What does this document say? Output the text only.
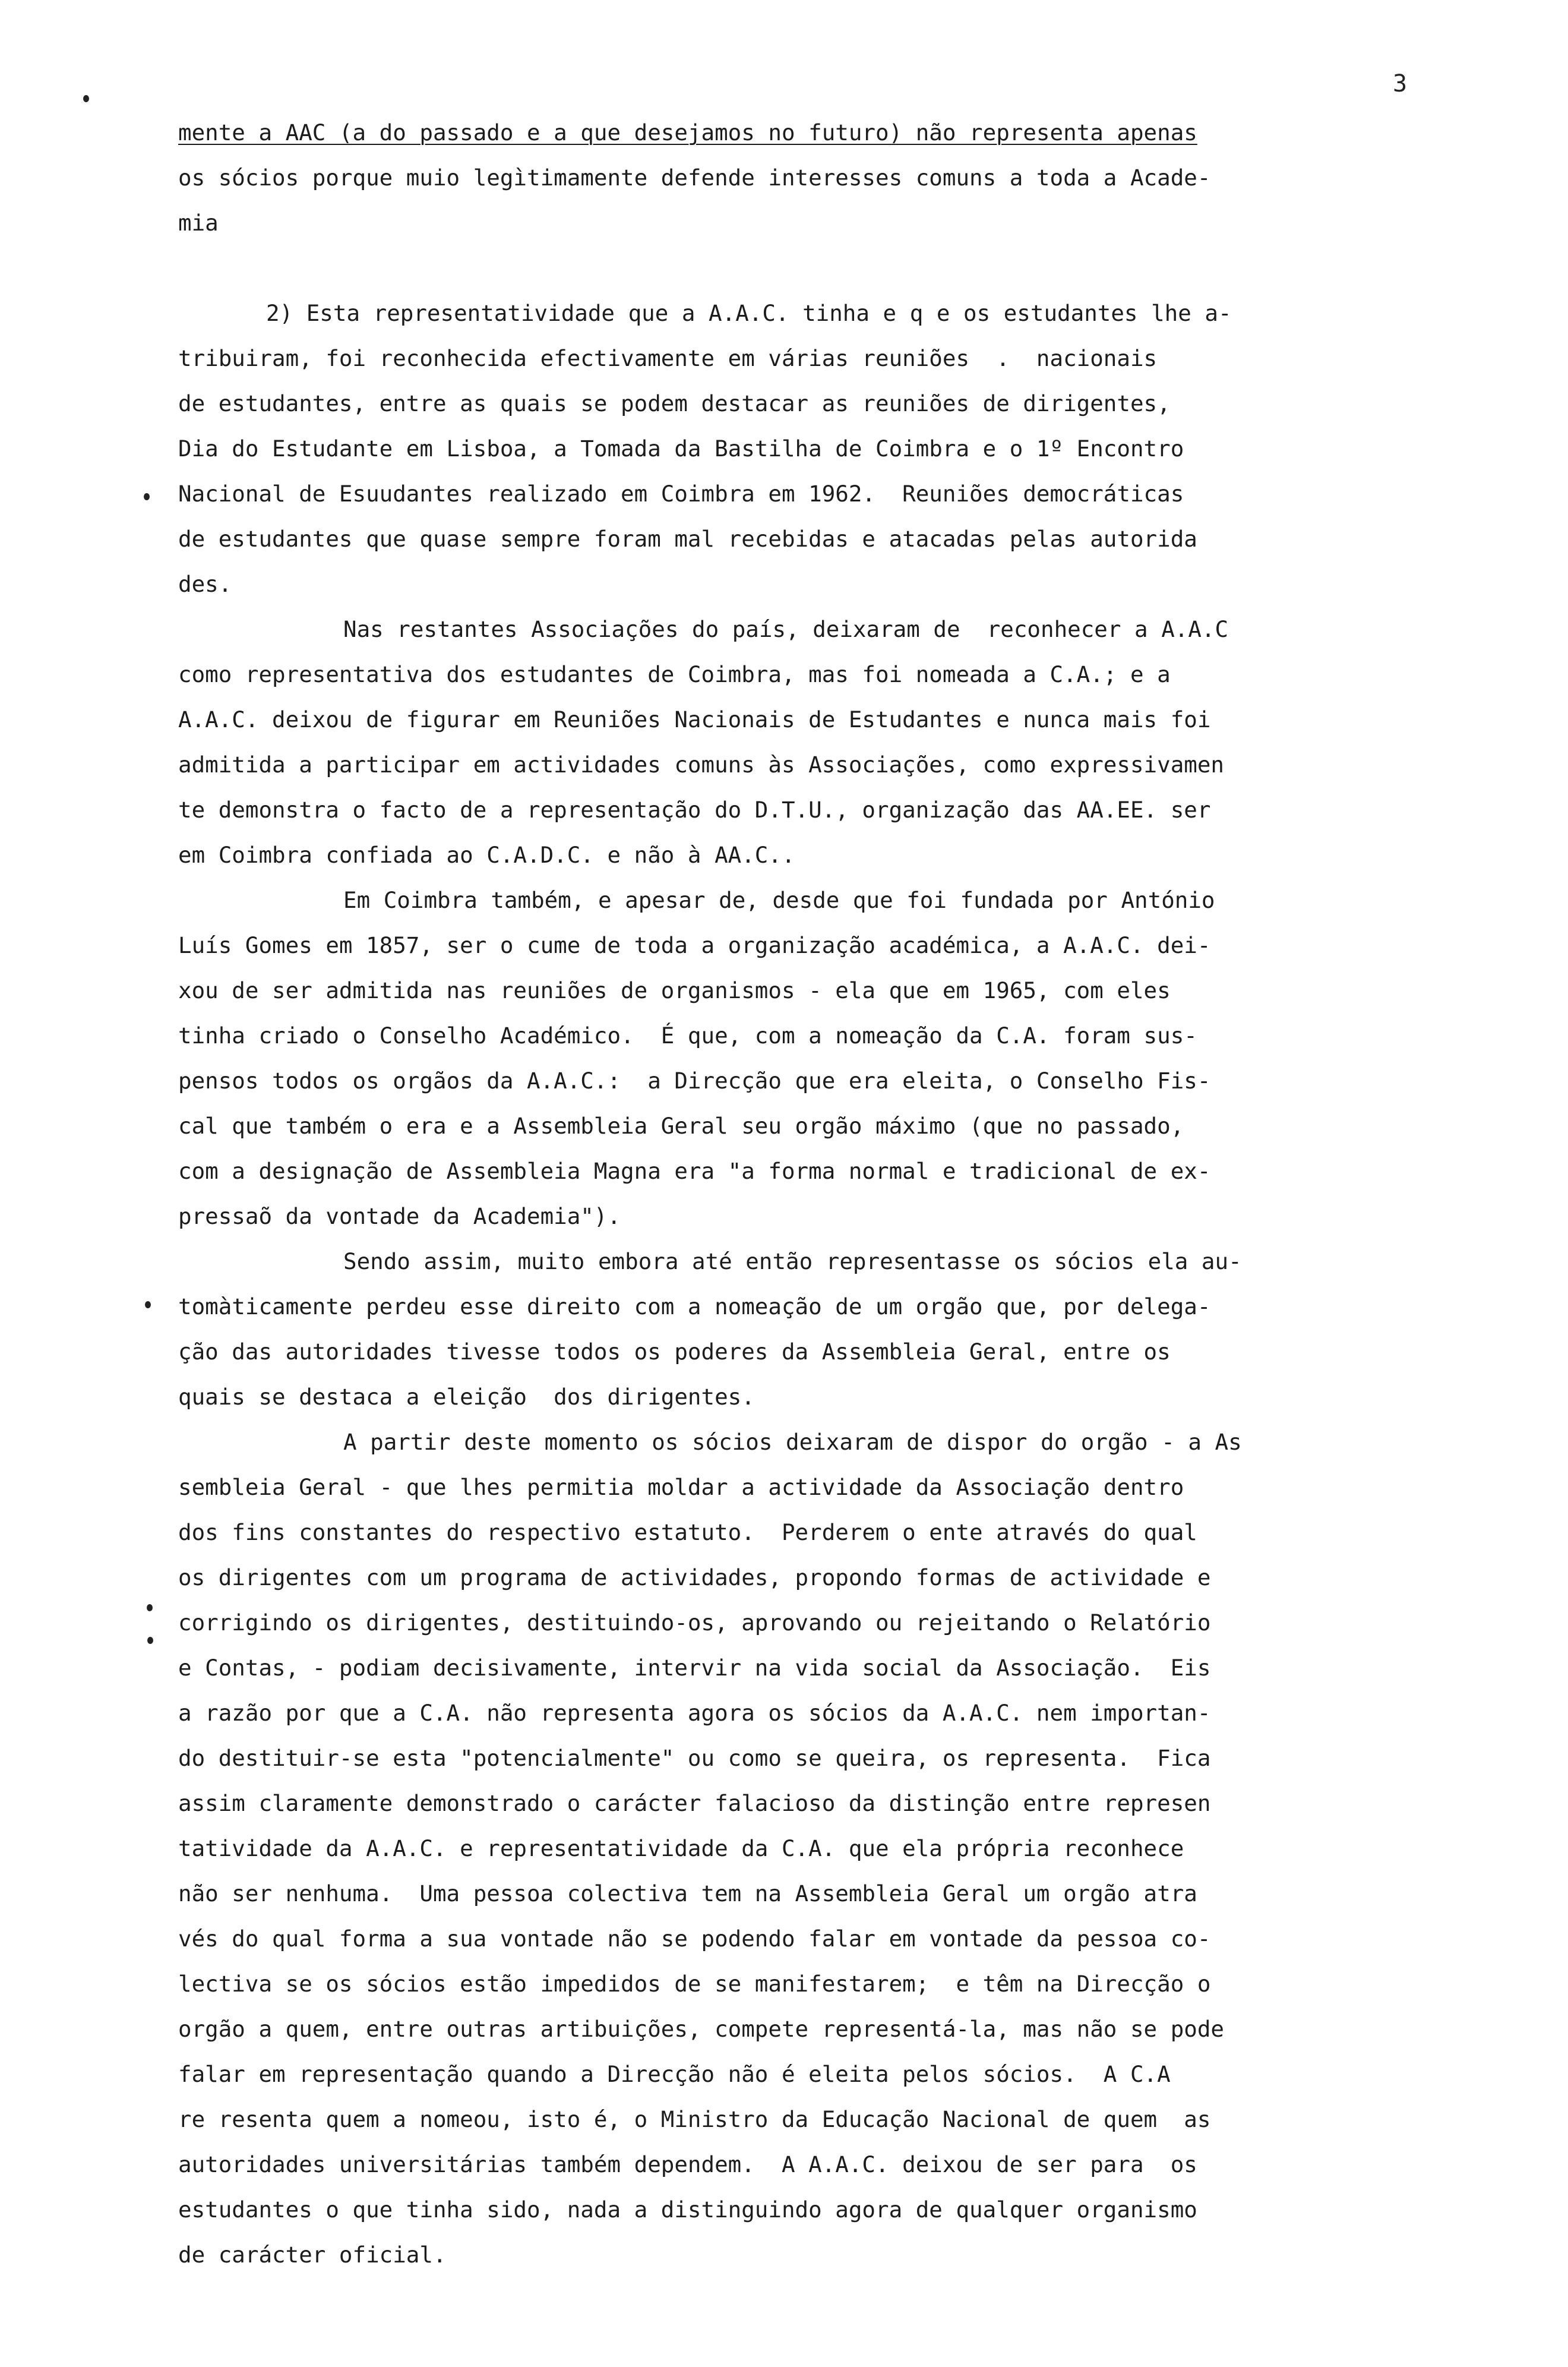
3
mente a AAC (a do passado e a que desejamos no futuro) não representa apenas
os sócios porque muio legìtimamente defende interesses comuns a toda a Acade-
mia
2) Esta representatividade que a A.A.C. tinha e q e os estudantes lhe a-
tribuiram, foi reconhecida efectivamente em várias reuniões  .  nacionais
de estudantes, entre as quais se podem destacar as reuniões de dirigentes,
Dia do Estudante em Lisboa, a Tomada da Bastilha de Coimbra e o 1º Encontro
Nacional de Esuudantes realizado em Coimbra em 1962.  Reuniões democráticas
de estudantes que quase sempre foram mal recebidas e atacadas pelas autorida
des.
Nas restantes Associações do país, deixaram de  reconhecer a A.A.C
como representativa dos estudantes de Coimbra, mas foi nomeada a C.A.; e a
A.A.C. deixou de figurar em Reuniões Nacionais de Estudantes e nunca mais foi
admitida a participar em actividades comuns às Associações, como expressivamen
te demonstra o facto de a representação do D.T.U., organização das AA.EE. ser
em Coimbra confiada ao C.A.D.C. e não à AA.C..
Em Coimbra também, e apesar de, desde que foi fundada por António
Luís Gomes em 1857, ser o cume de toda a organização académica, a A.A.C. dei-
xou de ser admitida nas reuniões de organismos - ela que em 1965, com eles
tinha criado o Conselho Académico.  É que, com a nomeação da C.A. foram sus-
pensos todos os orgãos da A.A.C.:  a Direcção que era eleita, o Conselho Fis-
cal que também o era e a Assembleia Geral seu orgão máximo (que no passado,
com a designação de Assembleia Magna era "a forma normal e tradicional de ex-
pressaõ da vontade da Academia").
Sendo assim, muito embora até então representasse os sócios ela au-
tomàticamente perdeu esse direito com a nomeação de um orgão que, por delega-
ção das autoridades tivesse todos os poderes da Assembleia Geral, entre os
quais se destaca a eleição  dos dirigentes.
A partir deste momento os sócios deixaram de dispor do orgão - a As
sembleia Geral - que lhes permitia moldar a actividade da Associação dentro
dos fins constantes do respectivo estatuto.  Perderem o ente através do qual
os dirigentes com um programa de actividades, propondo formas de actividade e
corrigindo os dirigentes, destituindo-os, aprovando ou rejeitando o Relatório
e Contas, - podiam decisivamente, intervir na vida social da Associação.  Eis
a razão por que a C.A. não representa agora os sócios da A.A.C. nem importan-
do destituir-se esta "potencialmente" ou como se queira, os representa.  Fica
assim claramente demonstrado o carácter falacioso da distinção entre represen
tatividade da A.A.C. e representatividade da C.A. que ela própria reconhece
não ser nenhuma.  Uma pessoa colectiva tem na Assembleia Geral um orgão atra
vés do qual forma a sua vontade não se podendo falar em vontade da pessoa co-
lectiva se os sócios estão impedidos de se manifestarem;  e têm na Direcção o
orgão a quem, entre outras artibuições, compete representá-la, mas não se pode
falar em representação quando a Direcção não é eleita pelos sócios.  A C.A
re resenta quem a nomeou, isto é, o Ministro da Educação Nacional de quem  as
autoridades universitárias também dependem.  A A.A.C. deixou de ser para  os
estudantes o que tinha sido, nada a distinguindo agora de qualquer organismo
de carácter oficial.
